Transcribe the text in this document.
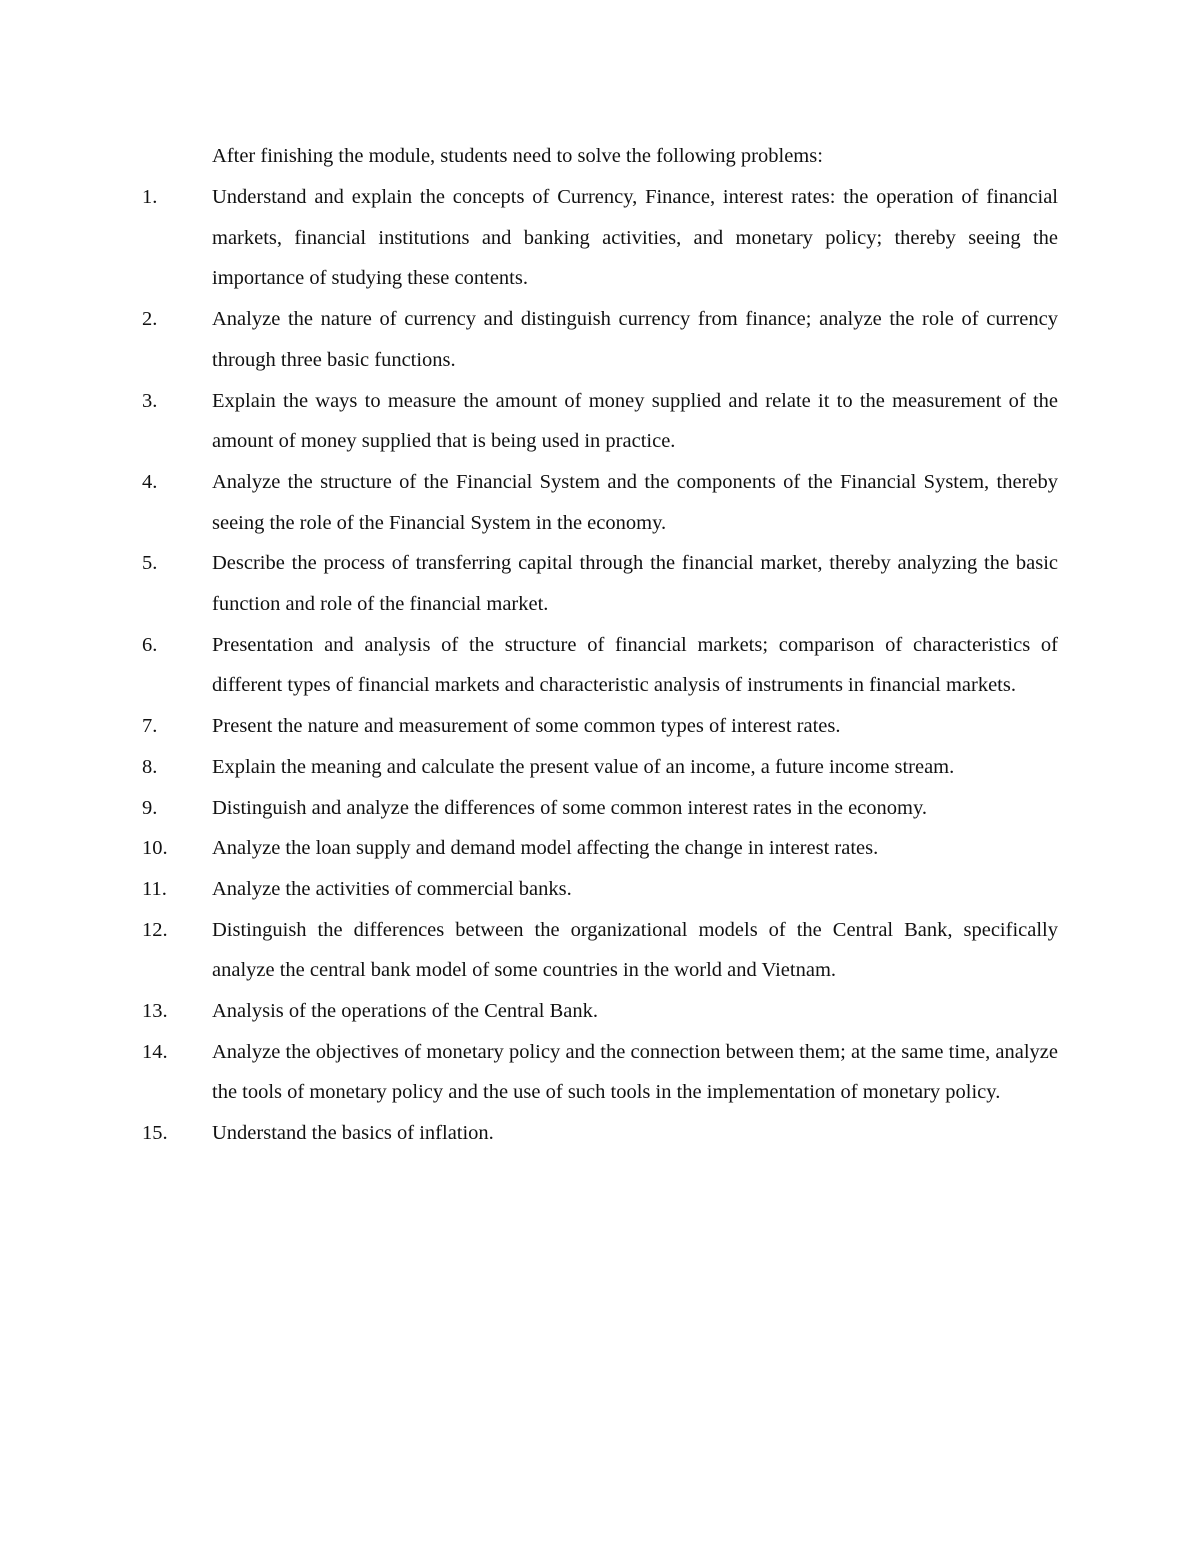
After finishing the module, students need to solve the following problems:
1.	Understand and explain the concepts of Currency, Finance, interest rates: the operation of financial markets, financial institutions and banking activities, and monetary policy; thereby seeing the importance of studying these contents.
2.	Analyze the nature of currency and distinguish currency from finance; analyze the role of currency through three basic functions.
3.	Explain the ways to measure the amount of money supplied and relate it to the measurement of the amount of money supplied that is being used in practice.
4.	Analyze the structure of the Financial System and the components of the Financial System, thereby seeing the role of the Financial System in the economy.
5.	Describe the process of transferring capital through the financial market, thereby analyzing the basic function and role of the financial market.
6.	Presentation and analysis of the structure of financial markets; comparison of characteristics of different types of financial markets and characteristic analysis of instruments in financial markets.
7.	Present the nature and measurement of some common types of interest rates.
8.	Explain the meaning and calculate the present value of an income, a future income stream.
9.	Distinguish and analyze the differences of some common interest rates in the economy.
10. Analyze the loan supply and demand model affecting the change in interest rates.
11. Analyze the activities of commercial banks.
12. Distinguish the differences between the organizational models of the Central Bank, specifically analyze the central bank model of some countries in the world and Vietnam.
13. Analysis of the operations of the Central Bank.
14. Analyze the objectives of monetary policy and the connection between them; at the same time, analyze the tools of monetary policy and the use of such tools in the implementation of monetary policy.
15. Understand the basics of inflation.
